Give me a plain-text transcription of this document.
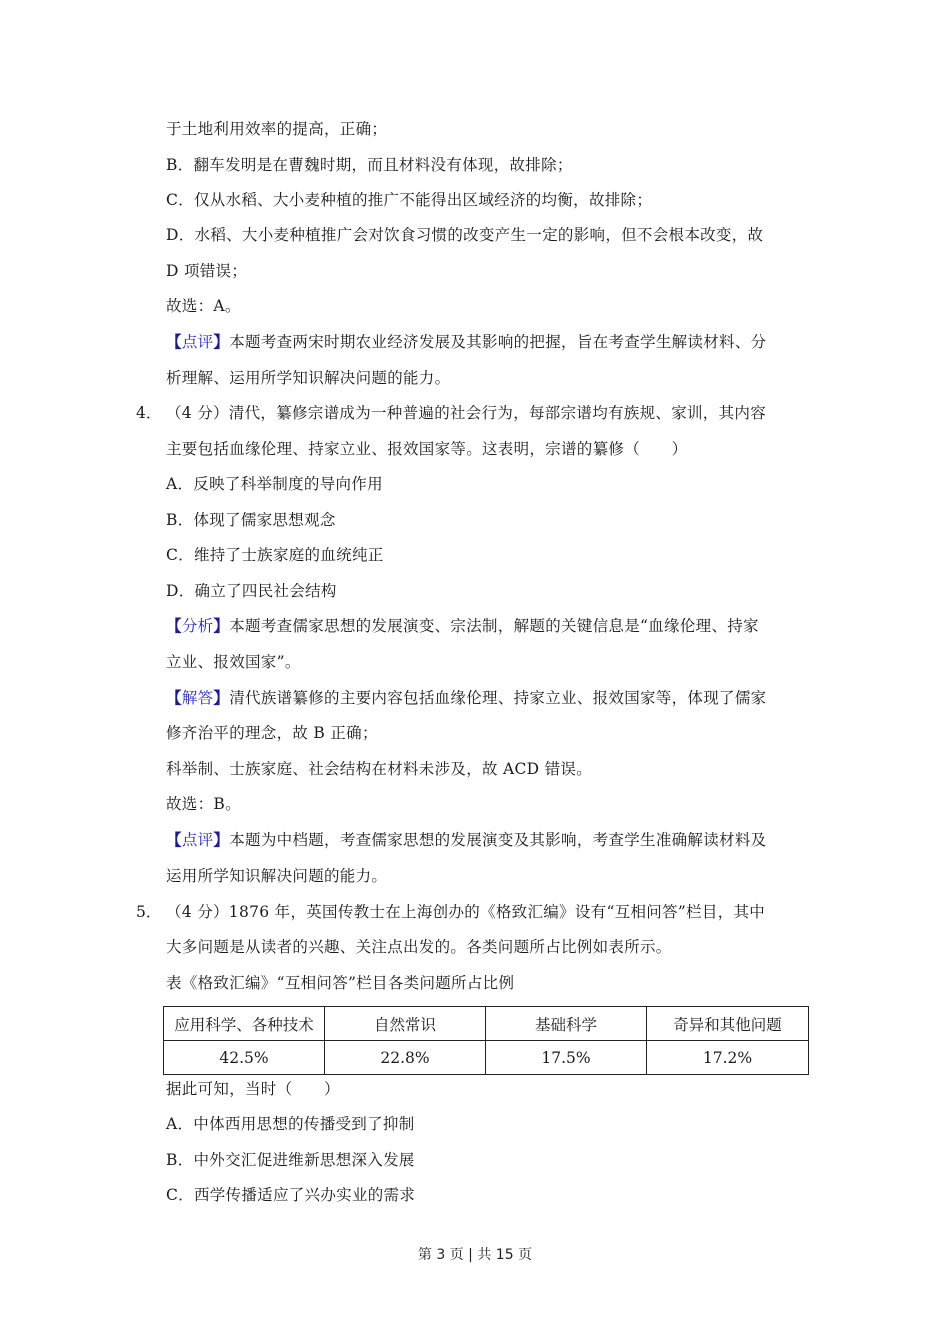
于土地利用效率的提高，正确；
B．翻车发明是在曹魏时期，而且材料没有体现，故排除；
C．仅从水稻、大小麦种植的推广不能得出区域经济的均衡，故排除；
D．水稻、大小麦种植推广会对饮食习惯的改变产生一定的影响，但不会根本改变，故
D 项错误；
故选：A。
【点评】本题考查两宋时期农业经济发展及其影响的把握，旨在考查学生解读材料、分
析理解、运用所学知识解决问题的能力。
4． （4 分）清代，纂修宗谱成为一种普遍的社会行为，每部宗谱均有族规、家训，其内容
主要包括血缘伦理、持家立业、报效国家等。这表明，宗谱的纂修（　　）
A．反映了科举制度的导向作用
B．体现了儒家思想观念
C．维持了士族家庭的血统纯正
D．确立了四民社会结构
【分析】本题考查儒家思想的发展演变、宗法制，解题的关键信息是“血缘伦理、持家
立业、报效国家”。
【解答】清代族谱纂修的主要内容包括血缘伦理、持家立业、报效国家等，体现了儒家
修齐治平的理念，故 B 正确；
科举制、士族家庭、社会结构在材料未涉及，故 ACD 错误。
故选：B。
【点评】本题为中档题，考查儒家思想的发展演变及其影响，考查学生准确解读材料及
运用所学知识解决问题的能力。
5． （4 分）1876 年，英国传教士在上海创办的《格致汇编》设有“互相问答”栏目，其中
大多问题是从读者的兴趣、关注点出发的。各类问题所占比例如表所示。
表《格致汇编》“互相问答”栏目各类问题所占比例
应用科学、各种技术	自然常识	基础科学	奇异和其他问题
42.5%	22.8%	17.5%	17.2%
据此可知，当时（　　）
A．中体西用思想的传播受到了抑制
B．中外交汇促进维新思想深入发展
C．西学传播适应了兴办实业的需求
第 3 页 | 共 15 页
